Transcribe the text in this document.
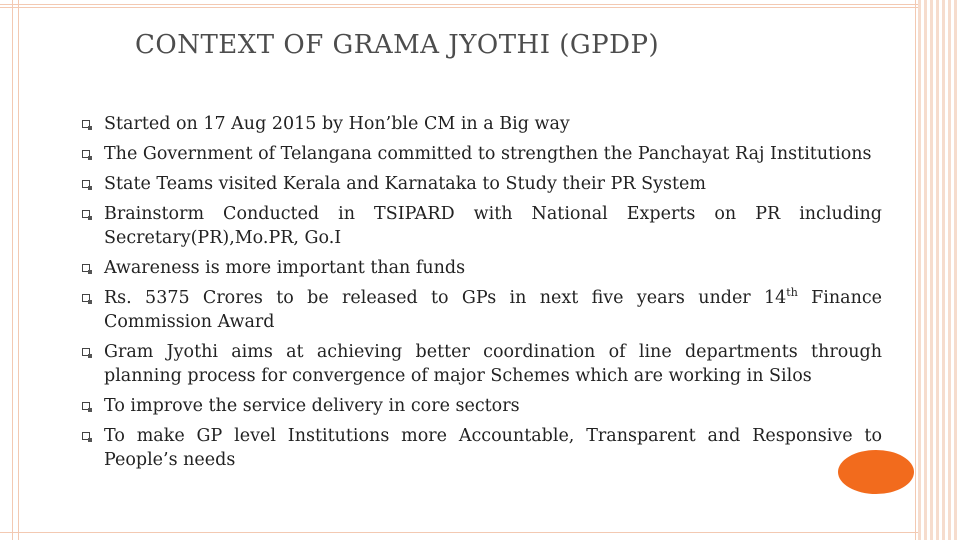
CONTEXT OF GRAMA JYOTHI (GPDP)
Started on 17 Aug 2015 by Hon’ble CM in a Big way
The Government of Telangana committed to strengthen the Panchayat Raj Institutions
State Teams visited Kerala and Karnataka to Study their PR System
Brainstorm Conducted in TSIPARD with National Experts on PR including Secretary(PR),Mo.PR, Go.I
Awareness is more important than funds
Rs. 5375 Crores to be released to GPs in next five years under 14th Finance Commission Award
Gram Jyothi aims at achieving better coordination of line departments through planning process for convergence of major Schemes which are working in Silos
To improve the service delivery in core sectors
To make GP level Institutions more Accountable, Transparent and Responsive to People’s needs
